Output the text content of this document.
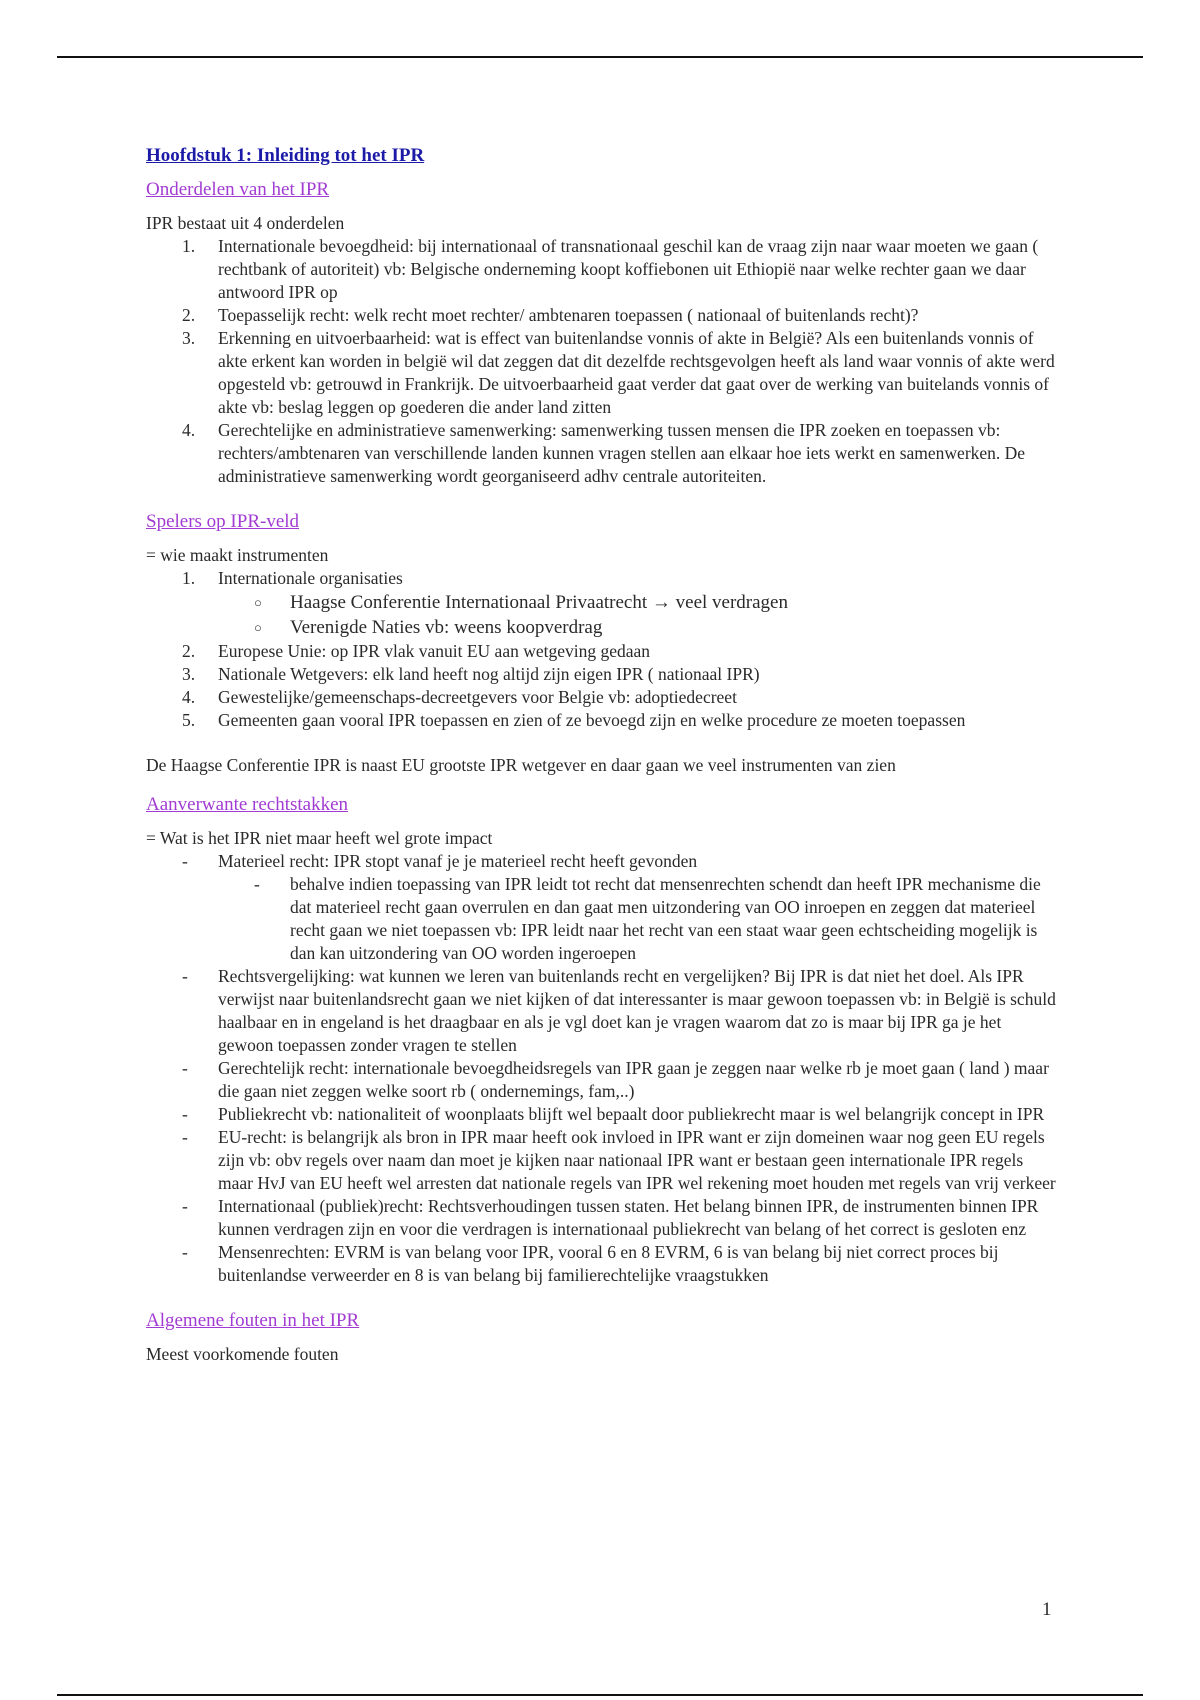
Hoofdstuk 1: Inleiding tot het IPR
Onderdelen van het IPR

IPR bestaat uit 4 onderdelen

1. Internationale bevoegdheid: bij internationaal of transnationaal geschil kan de vraag zijn naar waar moeten we gaan ( rechtbank of autoriteit) vb: Belgische onderneming koopt koffiebonen uit Ethiopië naar welke rechter gaan we daar antwoord IPR op
2. Toepasselijk recht: welk recht moet rechter/ ambtenaren toepassen ( nationaal of buitenlands recht)?
3. Erkenning en uitvoerbaarheid: wat is effect van buitenlandse vonnis of akte in België? Als een buitenlands vonnis of akte erkent kan worden in belgië wil dat zeggen dat dit dezelfde rechtsgevolgen heeft als land waar vonnis of akte werd opgesteld vb: getrouwd in Frankrijk. De uitvoerbaarheid gaat verder dat gaat over de werking van buitelands vonnis of akte vb: beslag leggen op goederen die ander land zitten
4. Gerechtelijke en administratieve samenwerking: samenwerking tussen mensen die IPR zoeken en toepassen vb: rechters/ambtenaren van verschillende landen kunnen vragen stellen aan elkaar hoe iets werkt en samenwerken. De administratieve samenwerking wordt georganiseerd adhv centrale autoriteiten.
Spelers op IPR-veld

= wie maakt instrumenten

1. Internationale organisaties
○ Haagse Conferentie Internationaal Privaatrecht → veel verdragen
○ Verenigde Naties vb: weens koopverdrag
2. Europese Unie: op IPR vlak vanuit EU aan wetgeving gedaan
3. Nationale Wetgevers: elk land heeft nog altijd zijn eigen IPR ( nationaal IPR)
4. Gewestelijke/gemeenschaps-decreetgevers voor Belgie vb: adoptiedecreet
5. Gemeenten gaan vooral IPR toepassen en zien of ze bevoegd zijn en welke procedure ze moeten toepassen

De Haagse Conferentie IPR is naast EU grootste IPR wetgever en daar gaan we veel instrumenten van zien

Aanverwante rechtstakken

= Wat is het IPR niet maar heeft wel grote impact

- Materieel recht: IPR stopt vanaf je je materieel recht heeft gevonden
- behalve indien toepassing van IPR leidt tot recht dat mensenrechten schendt dan heeft IPR mechanisme die dat materieel recht gaan overrulen en dan gaat men uitzondering van OO inroepen en zeggen dat materieel recht gaan we niet toepassen vb: IPR leidt naar het recht van een staat waar geen echtscheiding mogelijk is dan kan uitzondering van OO worden ingeroepen
- Rechtsvergelijking: wat kunnen we leren van buitenlands recht en vergelijken? Bij IPR is dat niet het doel. Als IPR verwijst naar buitenlandsrecht gaan we niet kijken of dat interessanter is maar gewoon toepassen vb: in België is schuld haalbaar en in engeland is het draagbaar en als je vgl doet kan je vragen waarom dat zo is maar bij IPR ga je het gewoon toepassen zonder vragen te stellen
- Gerechtelijk recht: internationale bevoegdheidsregels van IPR gaan je zeggen naar welke rb je moet gaan ( land ) maar die gaan niet zeggen welke soort rb ( ondernemings, fam,..)
- Publiekrecht vb: nationaliteit of woonplaats blijft wel bepaalt door publiekrecht maar is wel belangrijk concept in IPR
- EU-recht: is belangrijk als bron in IPR maar heeft ook invloed in IPR want er zijn domeinen waar nog geen EU regels zijn vb: obv regels over naam dan moet je kijken naar nationaal IPR want er bestaan geen internationale IPR regels maar HvJ van EU heeft wel arresten dat nationale regels van IPR wel rekening moet houden met regels van vrij verkeer
- Internationaal (publiek)recht: Rechtsverhoudingen tussen staten. Het belang binnen IPR, de instrumenten binnen IPR kunnen verdragen zijn en voor die verdragen is internationaal publiekrecht van belang of het correct is gesloten enz
- Mensenrechten: EVRM is van belang voor IPR, vooral 6 en 8 EVRM, 6 is van belang bij niet correct proces bij buitenlandse verweerder en 8 is van belang bij familierechtelijke vraagstukken
Algemene fouten in het IPR

Meest voorkomende fouten

1
